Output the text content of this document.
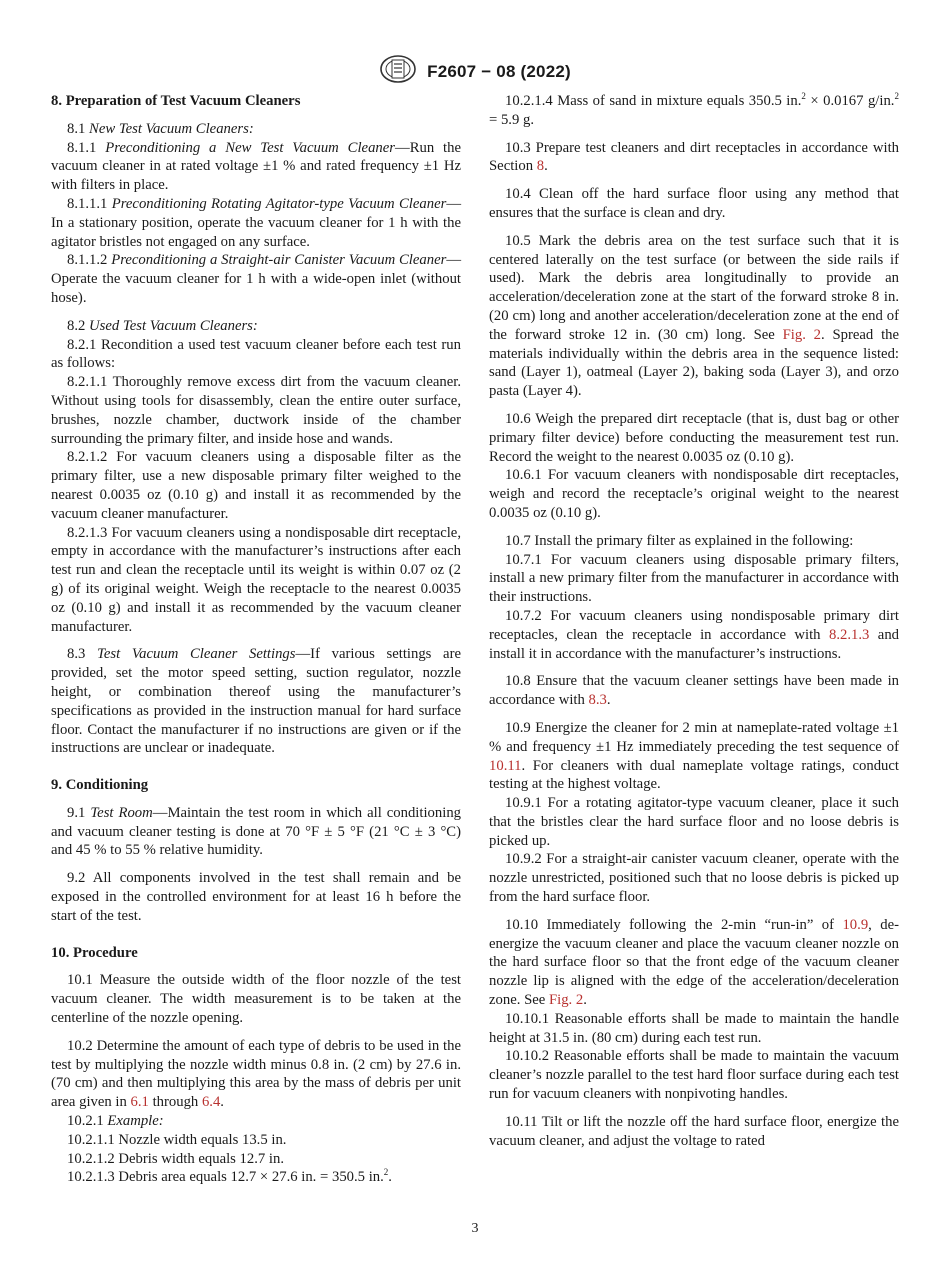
F2607 − 08 (2022)
8. Preparation of Test Vacuum Cleaners

8.1 New Test Vacuum Cleaners:

8.1.1 Preconditioning a New Test Vacuum Cleaner—Run the vacuum cleaner in at rated voltage ±1 % and rated frequency ±1 Hz with filters in place.

8.1.1.1 Preconditioning Rotating Agitator-type Vacuum Cleaner—In a stationary position, operate the vacuum cleaner for 1 h with the agitator bristles not engaged on any surface.

8.1.1.2 Preconditioning a Straight-air Canister Vacuum Cleaner—Operate the vacuum cleaner for 1 h with a wide-open inlet (without hose).

8.2 Used Test Vacuum Cleaners:

8.2.1 Recondition a used test vacuum cleaner before each test run as follows:

8.2.1.1 Thoroughly remove excess dirt from the vacuum cleaner. Without using tools for disassembly, clean the entire outer surface, brushes, nozzle chamber, ductwork inside of the chamber surrounding the primary filter, and inside hose and wands.

8.2.1.2 For vacuum cleaners using a disposable filter as the primary filter, use a new disposable primary filter weighed to the nearest 0.0035 oz (0.10 g) and install it as recommended by the vacuum cleaner manufacturer.

8.2.1.3 For vacuum cleaners using a nondisposable dirt receptacle, empty in accordance with the manufacturer’s instructions after each test run and clean the receptacle until its weight is within 0.07 oz (2 g) of its original weight. Weigh the receptacle to the nearest 0.0035 oz (0.10 g) and install it as recommended by the vacuum cleaner manufacturer.

8.3 Test Vacuum Cleaner Settings—If various settings are provided, set the motor speed setting, suction regulator, nozzle height, or combination thereof using the manufacturer’s specifications as provided in the instruction manual for hard surface floor. Contact the manufacturer if no instructions are given or if the instructions are unclear or inadequate.

9. Conditioning

9.1 Test Room—Maintain the test room in which all conditioning and vacuum cleaner testing is done at 70 °F ± 5 °F (21 °C ± 3 °C) and 45 % to 55 % relative humidity.

9.2 All components involved in the test shall remain and be exposed in the controlled environment for at least 16 h before the start of the test.

10. Procedure

10.1 Measure the outside width of the floor nozzle of the test vacuum cleaner. The width measurement is to be taken at the centerline of the nozzle opening.

10.2 Determine the amount of each type of debris to be used in the test by multiplying the nozzle width minus 0.8 in. (2 cm) by 27.6 in. (70 cm) and then multiplying this area by the mass of debris per unit area given in 6.1 through 6.4.

10.2.1 Example:

10.2.1.1 Nozzle width equals 13.5 in.

10.2.1.2 Debris width equals 12.7 in.

10.2.1.3 Debris area equals 12.7 × 27.6 in. = 350.5 in.$^2$.

10.2.1.4 Mass of sand in mixture equals 350.5 in.$^2$ × 0.0167 g/in.$^2$ = 5.9 g.

10.3 Prepare test cleaners and dirt receptacles in accordance with Section 8.

10.4 Clean off the hard surface floor using any method that ensures that the surface is clean and dry.

10.5 Mark the debris area on the test surface such that it is centered laterally on the test surface (or between the side rails if used). Mark the debris area longitudinally to provide an acceleration/deceleration zone at the start of the forward stroke 8 in. (20 cm) long and another acceleration/deceleration zone at the end of the forward stroke 12 in. (30 cm) long. See Fig. 2. Spread the materials individually within the debris area in the sequence listed: sand (Layer 1), oatmeal (Layer 2), baking soda (Layer 3), and orzo pasta (Layer 4).

10.6 Weigh the prepared dirt receptacle (that is, dust bag or other primary filter device) before conducting the measurement test run. Record the weight to the nearest 0.0035 oz (0.10 g).

10.6.1 For vacuum cleaners with nondisposable dirt receptacles, weigh and record the receptacle’s original weight to the nearest 0.0035 oz (0.10 g).

10.7 Install the primary filter as explained in the following:

10.7.1 For vacuum cleaners using disposable primary filters, install a new primary filter from the manufacturer in accordance with their instructions.

10.7.2 For vacuum cleaners using nondisposable primary dirt receptacles, clean the receptacle in accordance with 8.2.1.3 and install it in accordance with the manufacturer’s instructions.

10.8 Ensure that the vacuum cleaner settings have been made in accordance with 8.3.

10.9 Energize the cleaner for 2 min at nameplate-rated voltage ±1 % and frequency ±1 Hz immediately preceding the test sequence of 10.11. For cleaners with dual nameplate voltage ratings, conduct testing at the highest voltage.

10.9.1 For a rotating agitator-type vacuum cleaner, place it such that the bristles clear the hard surface floor and no loose debris is picked up.

10.9.2 For a straight-air canister vacuum cleaner, operate with the nozzle unrestricted, positioned such that no loose debris is picked up from the hard surface floor.

10.10 Immediately following the 2-min “run-in” of 10.9, de-energize the vacuum cleaner and place the vacuum cleaner nozzle on the hard surface floor so that the front edge of the vacuum cleaner nozzle lip is aligned with the edge of the acceleration/deceleration zone. See Fig. 2.

10.10.1 Reasonable efforts shall be made to maintain the handle height at 31.5 in. (80 cm) during each test run.

10.10.2 Reasonable efforts shall be made to maintain the vacuum cleaner’s nozzle parallel to the test hard floor surface during each test run for vacuum cleaners with nonpivoting handles.

10.11 Tilt or lift the nozzle off the hard surface floor, energize the vacuum cleaner, and adjust the voltage to rated

3
